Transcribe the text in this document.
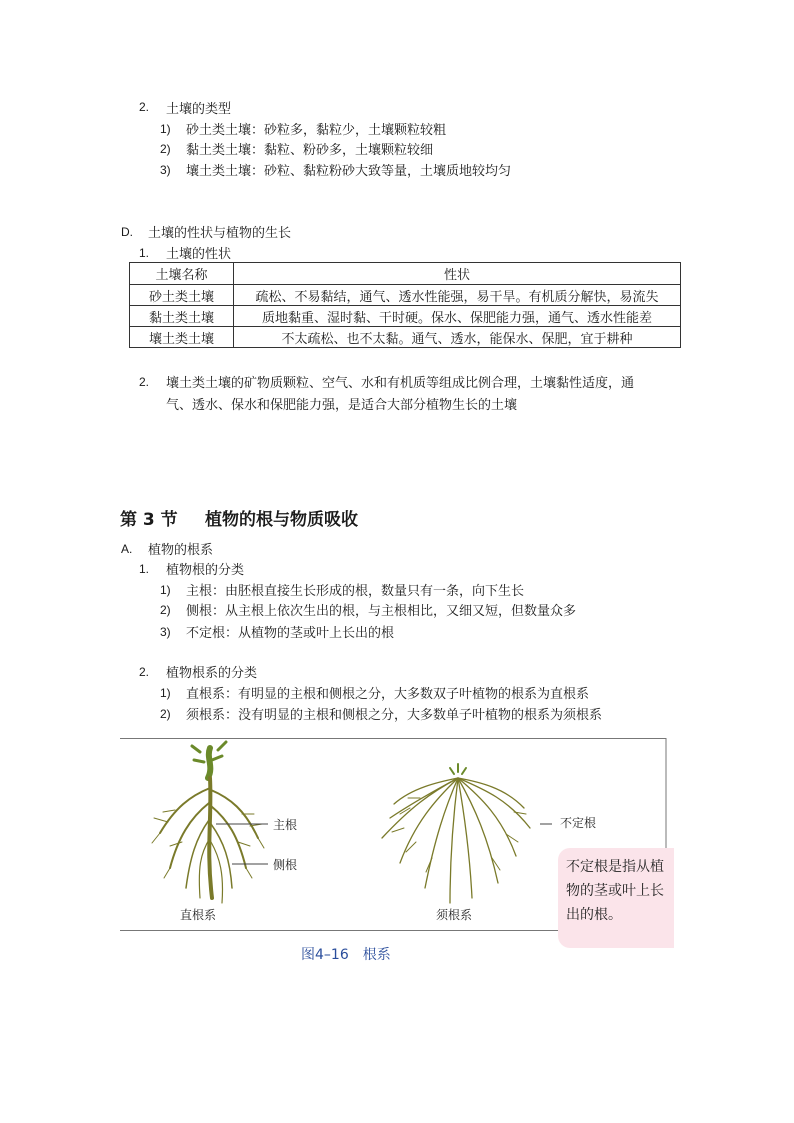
2. 土壤的类型
1) 砂土类土壤：砂粒多，黏粒少，土壤颗粒较粗
2) 黏土类土壤：黏粒、粉砂多，土壤颗粒较细
3) 壤土类土壤：砂粒、黏粒粉砂大致等量，土壤质地较均匀
D. 土壤的性状与植物的生长
1. 土壤的性状
土壤名称	性状
砂土类土壤	疏松、不易黏结，通气、透水性能强，易干旱。有机质分解快，易流失
黏土类土壤	质地黏重、湿时黏、干时硬。保水、保肥能力强，通气、透水性能差
壤土类土壤	不太疏松、也不太黏。通气、透水，能保水、保肥，宜于耕种
2. 壤土类土壤的矿物质颗粒、空气、水和有机质等组成比例合理，土壤黏性适度，通
气、透水、保水和保肥能力强，是适合大部分植物生长的土壤
第 3 节 植物的根与物质吸收
A. 植物的根系
1. 植物根的分类
1) 主根：由胚根直接生长形成的根，数量只有一条，向下生长
2) 侧根：从主根上依次生出的根，与主根相比，又细又短，但数量众多
3) 不定根：从植物的茎或叶上长出的根
2. 植物根系的分类
1) 直根系：有明显的主根和侧根之分，大多数双子叶植物的根系为直根系
2) 须根系：没有明显的主根和侧根之分，大多数单子叶植物的根系为须根系
主根
侧根
不定根
直根系	须根系
不定根是指从植物的茎或叶上长出的根。
图4–16　根系
